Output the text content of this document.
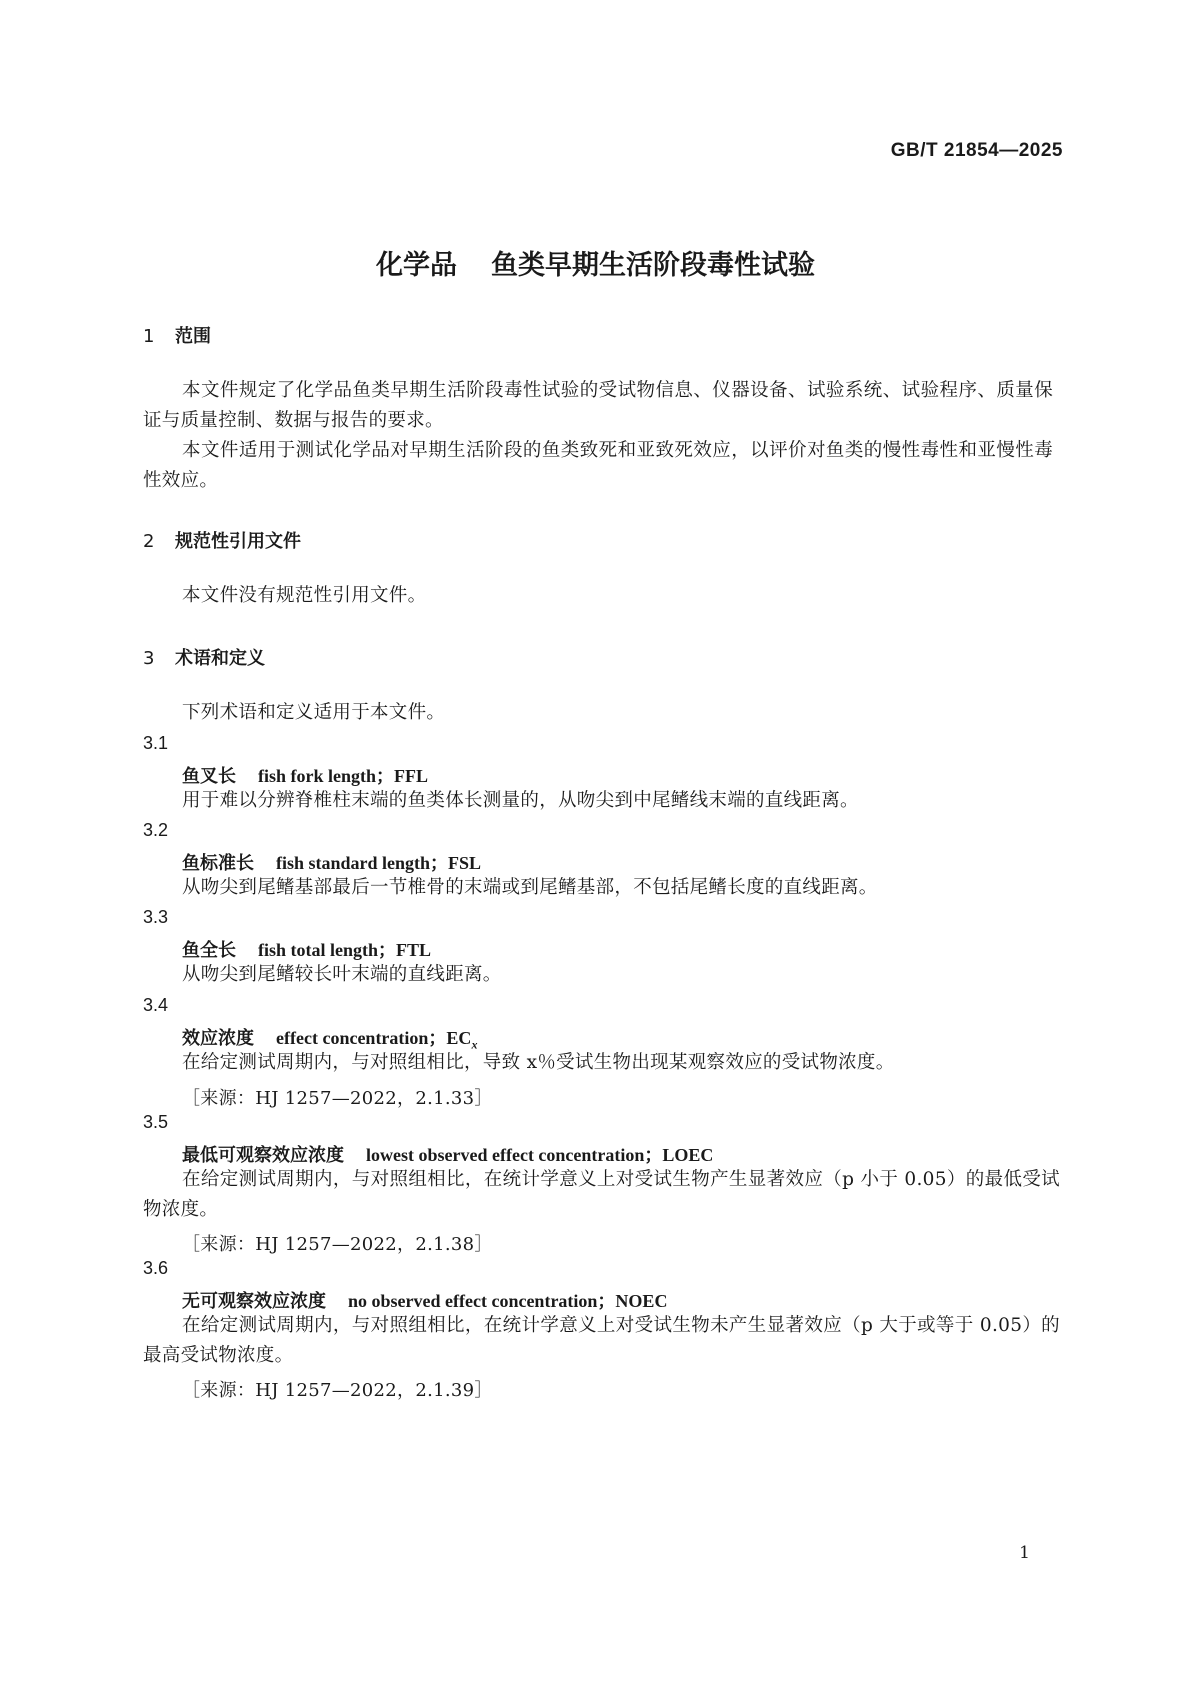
GB/T 21854—2025
化学品 鱼类早期生活阶段毒性试验
1 范围
本文件规定了化学品鱼类早期生活阶段毒性试验的受试物信息、仪器设备、试验系统、试验程序、质量保证与质量控制、数据与报告的要求。
本文件适用于测试化学品对早期生活阶段的鱼类致死和亚致死效应，以评价对鱼类的慢性毒性和亚慢性毒性效应。
2 规范性引用文件
本文件没有规范性引用文件。
3 术语和定义
下列术语和定义适用于本文件。
3.1
鱼叉长 fish fork length；FFL
用于难以分辨脊椎柱末端的鱼类体长测量的，从吻尖到中尾鳍线末端的直线距离。
3.2
鱼标准长 fish standard length；FSL
从吻尖到尾鳍基部最后一节椎骨的末端或到尾鳍基部，不包括尾鳍长度的直线距离。
3.3
鱼全长 fish total length；FTL
从吻尖到尾鳍较长叶末端的直线距离。
3.4
效应浓度 effect concentration；$EC_x$
在给定测试周期内，与对照组相比，导致 x％受试生物出现某观察效应的受试物浓度。
［来源：HJ 1257—2022，2.1.33］
3.5
最低可观察效应浓度 lowest observed effect concentration；LOEC
在给定测试周期内，与对照组相比，在统计学意义上对受试生物产生显著效应（p 小于 0.05）的最低受试物浓度。
［来源：HJ 1257—2022，2.1.38］
3.6
无可观察效应浓度 no observed effect concentration；NOEC
在给定测试周期内，与对照组相比，在统计学意义上对受试生物未产生显著效应（p 大于或等于 0.05）的最高受试物浓度。
［来源：HJ 1257—2022，2.1.39］
1
